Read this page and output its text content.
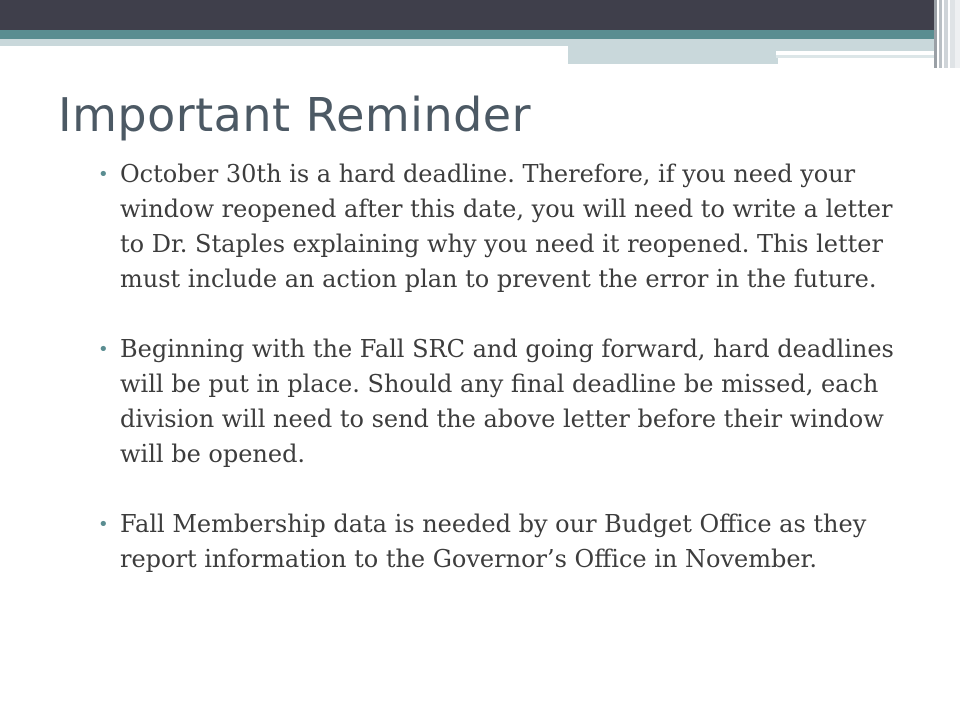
Important Reminder
• October 30th is a hard deadline. Therefore, if you need your window reopened after this date, you will need to write a letter to Dr. Staples explaining why you need it reopened. This letter must include an action plan to prevent the error in the future.
• Beginning with the Fall SRC and going forward, hard deadlines will be put in place. Should any final deadline be missed, each division will need to send the above letter before their window will be opened.
• Fall Membership data is needed by our Budget Office as they report information to the Governor’s Office in November.
